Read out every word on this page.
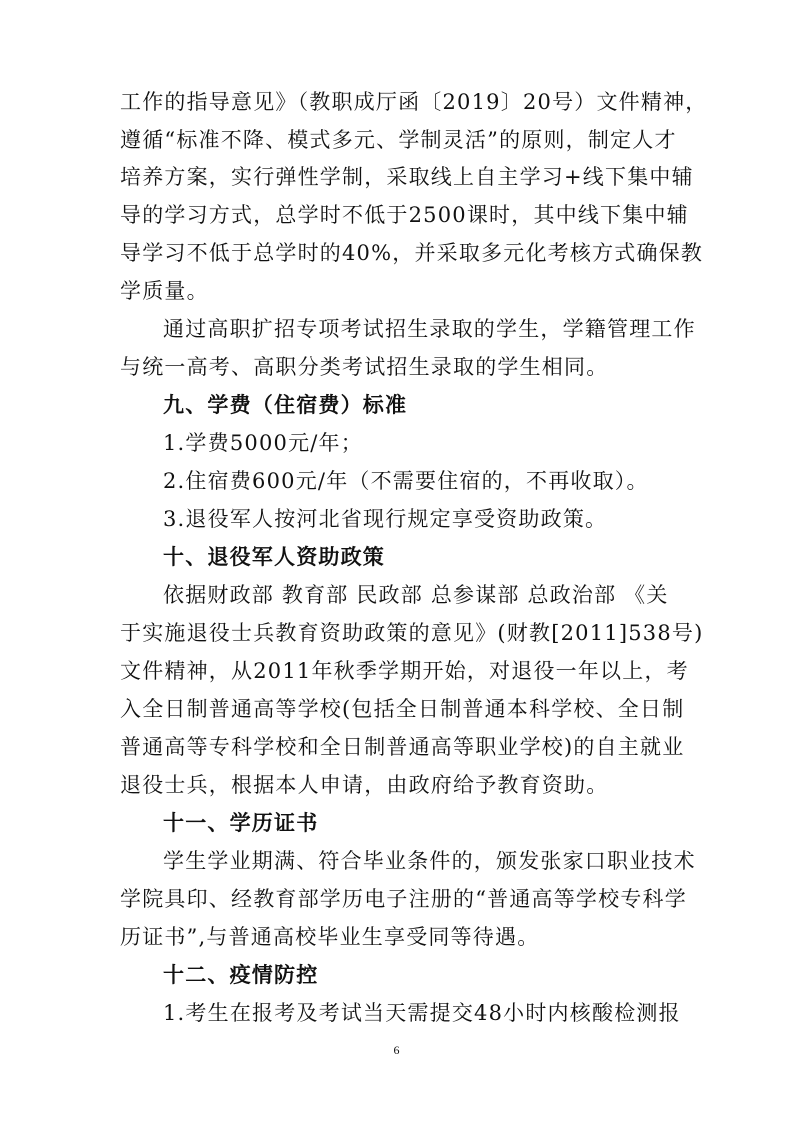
工作的指导意见》（教职成厅函〔2019〕20号）文件精神，
遵循“标准不降、模式多元、学制灵活”的原则，制定人才
培养方案，实行弹性学制，采取线上自主学习+线下集中辅
导的学习方式，总学时不低于2500课时，其中线下集中辅
导学习不低于总学时的40%，并采取多元化考核方式确保教
学质量。
通过高职扩招专项考试招生录取的学生，学籍管理工作
与统一高考、高职分类考试招生录取的学生相同。
九、学费（住宿费）标准
1.学费5000元/年；
2.住宿费600元/年（不需要住宿的，不再收取）。
3.退役军人按河北省现行规定享受资助政策。
十、退役军人资助政策
依据财政部 教育部 民政部 总参谋部 总政治部 《关
于实施退役士兵教育资助政策的意见》(财教[2011]538号)
文件精神，从2011年秋季学期开始，对退役一年以上，考
入全日制普通高等学校(包括全日制普通本科学校、全日制
普通高等专科学校和全日制普通高等职业学校)的自主就业
退役士兵，根据本人申请，由政府给予教育资助。
十一、学历证书
学生学业期满、符合毕业条件的，颁发张家口职业技术
学院具印、经教育部学历电子注册的“普通高等学校专科学
历证书”,与普通高校毕业生享受同等待遇。
十二、疫情防控
1.考生在报考及考试当天需提交48小时内核酸检测报
6
